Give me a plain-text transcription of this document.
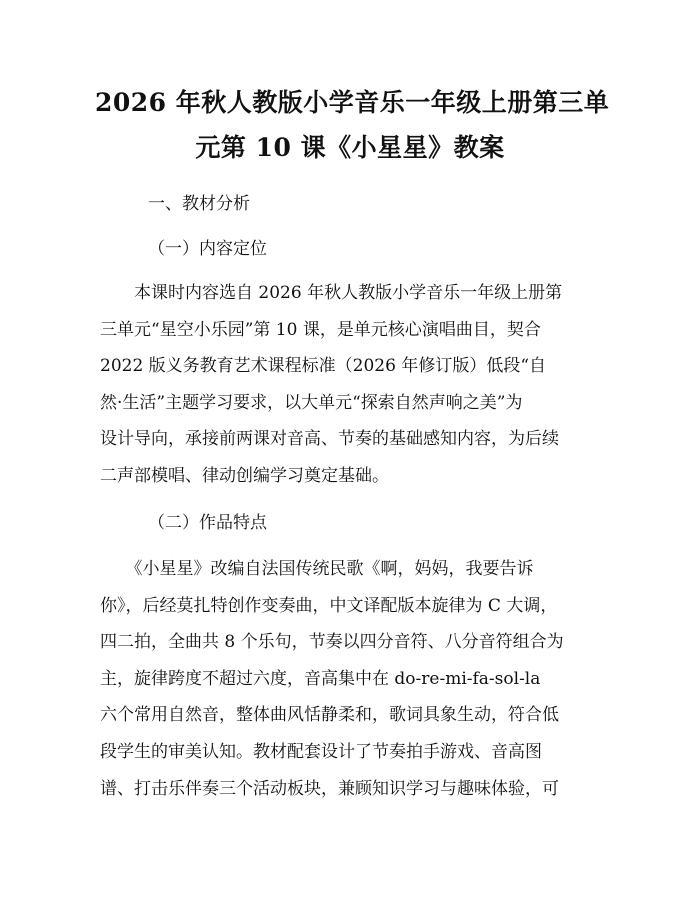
2026 年秋人教版小学音乐一年级上册第三单
元第 10 课《小星星》教案
一、教材分析
（一）内容定位
　　本课时内容选自 2026 年秋人教版小学音乐一年级上册第
三单元“星空小乐园”第 10 课，是单元核心演唱曲目，契合
2022 版义务教育艺术课程标准（2026 年修订版）低段“自
然·生活”主题学习要求，以大单元“探索自然声响之美”为
设计导向，承接前两课对音高、节奏的基础感知内容，为后续
二声部模唱、律动创编学习奠定基础。
（二）作品特点
　　《小星星》改编自法国传统民歌《啊，妈妈，我要告诉
你》，后经莫扎特创作变奏曲，中文译配版本旋律为 C 大调，
四二拍，全曲共 8 个乐句，节奏以四分音符、八分音符组合为
主，旋律跨度不超过六度，音高集中在 do-re-mi-fa-sol-la
六个常用自然音，整体曲风恬静柔和，歌词具象生动，符合低
段学生的审美认知。教材配套设计了节奏拍手游戏、音高图
谱、打击乐伴奏三个活动板块，兼顾知识学习与趣味体验，可
